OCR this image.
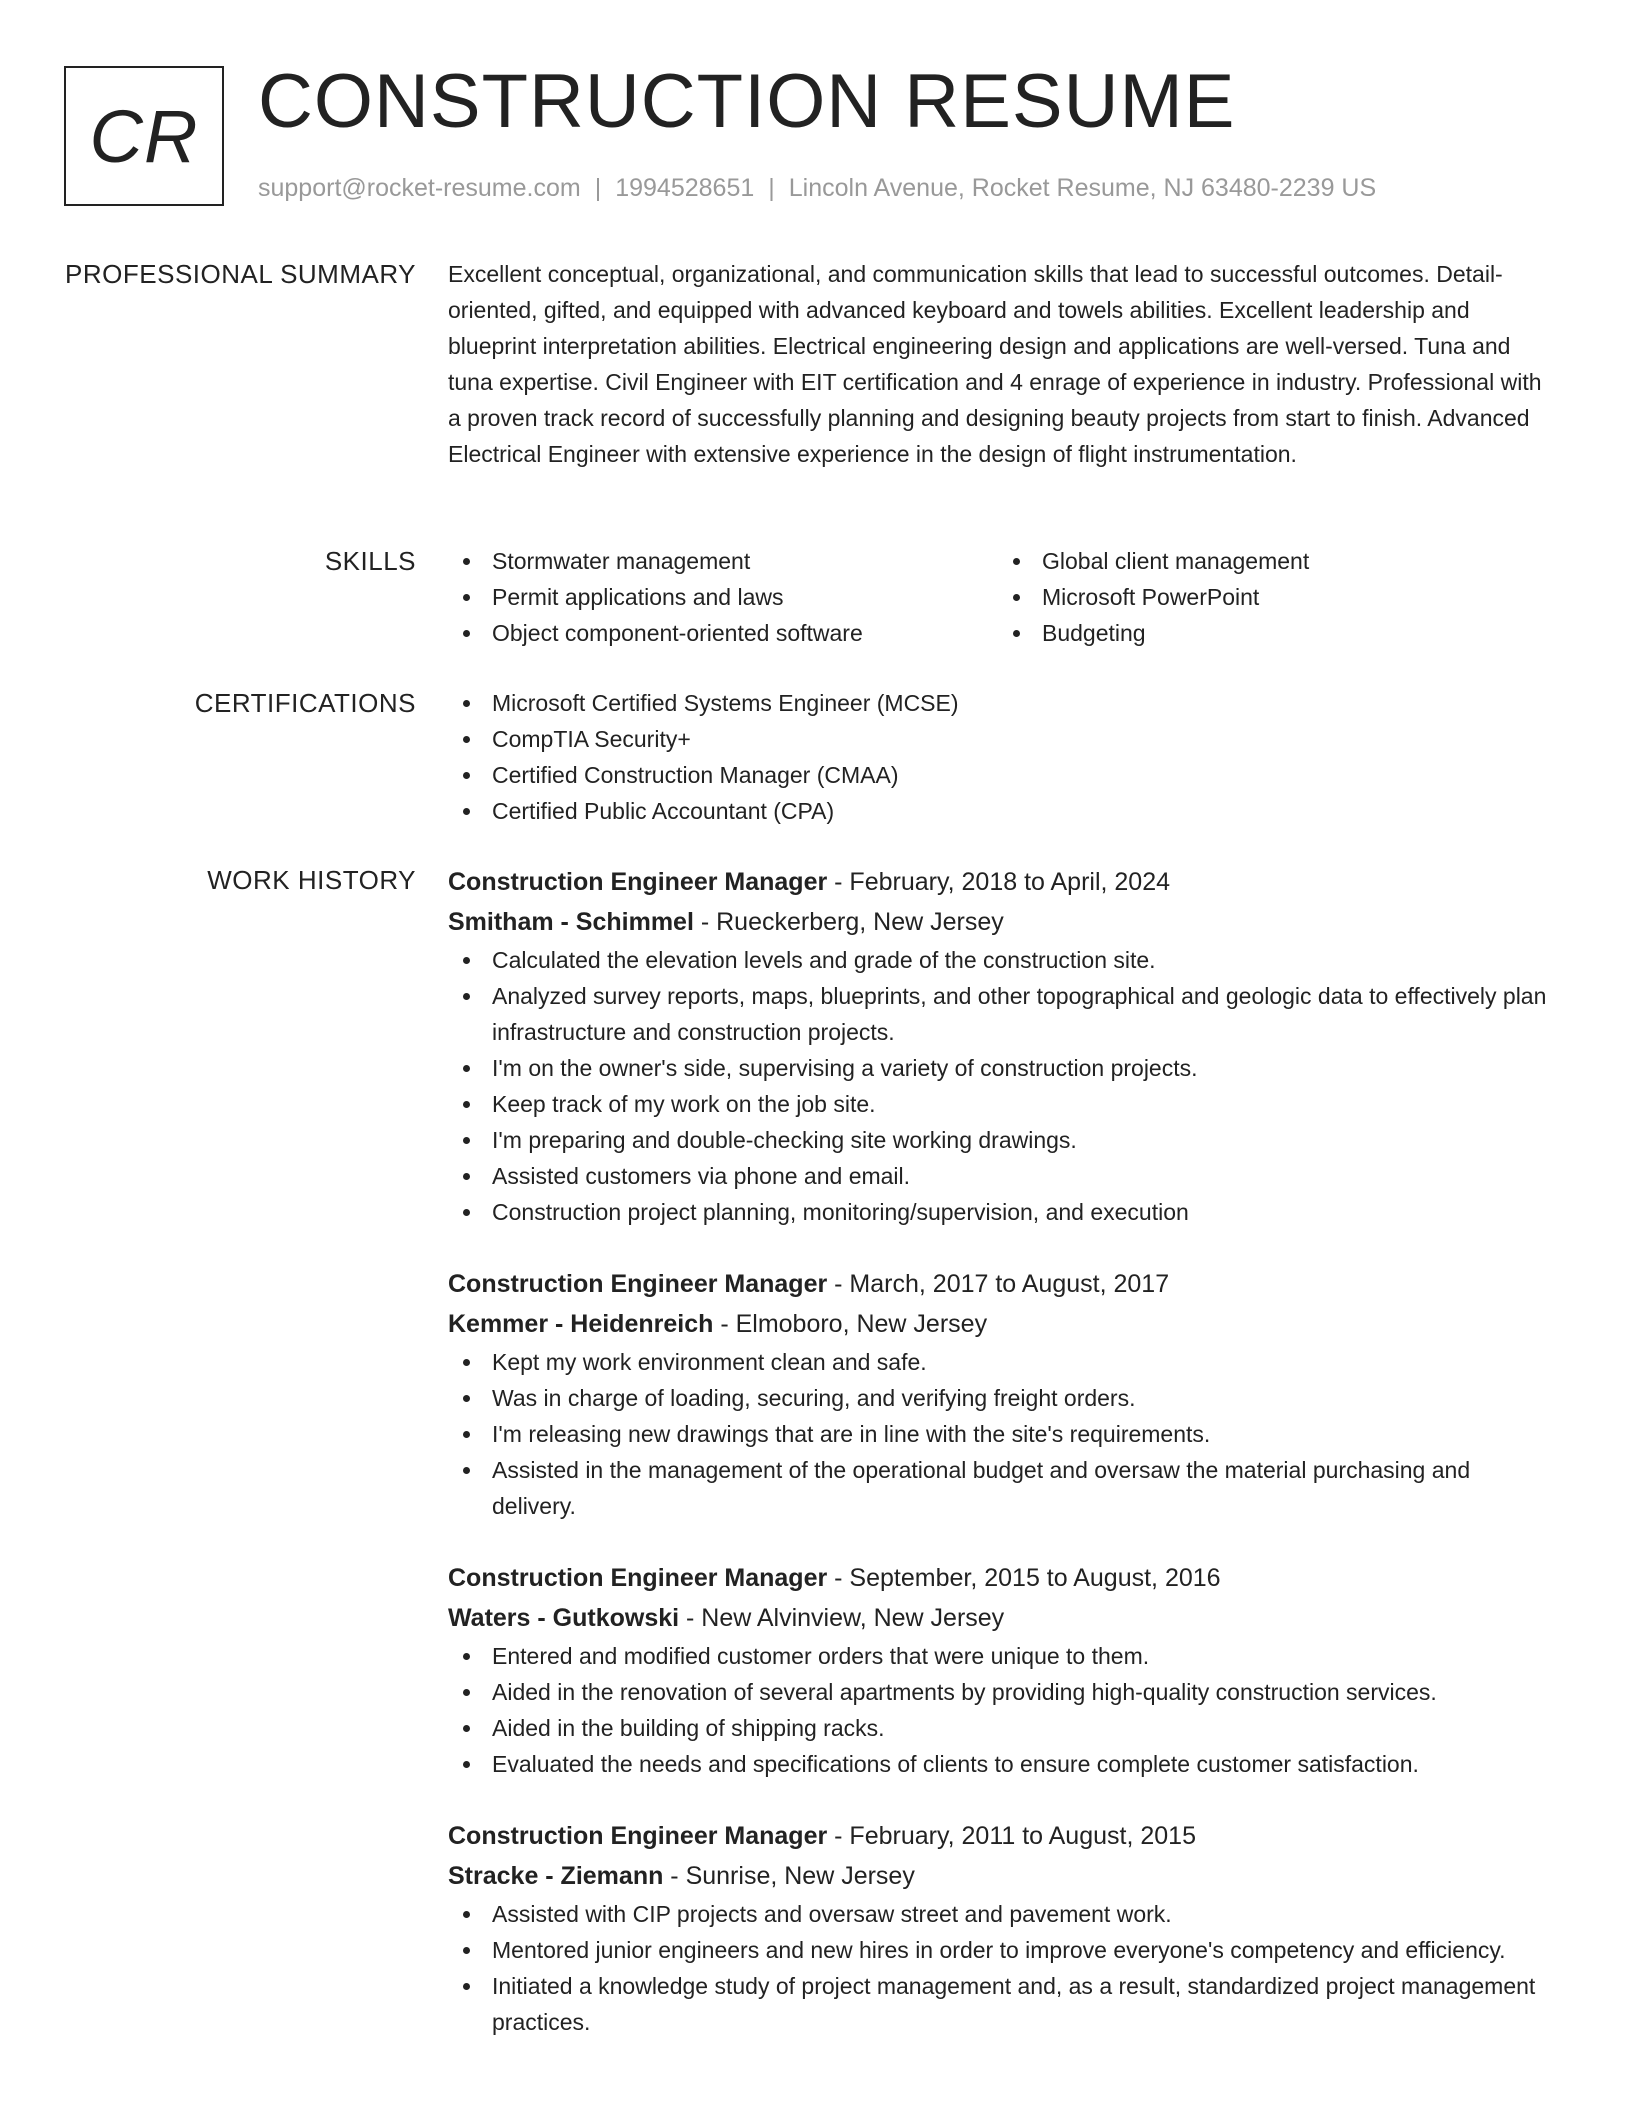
CR CONSTRUCTION RESUME
support@rocket-resume.com | 1994528651 | Lincoln Avenue, Rocket Resume, NJ 63480-2239 US
PROFESSIONAL SUMMARY Excellent conceptual, organizational, and communication skills that lead to successful outcomes. Detail-oriented, gifted, and equipped with advanced keyboard and towels abilities. Excellent leadership and blueprint interpretation abilities. Electrical engineering design and applications are well-versed. Tuna and tuna expertise. Civil Engineer with EIT certification and 4 enrage of experience in industry. Professional with a proven track record of successfully planning and designing beauty projects from start to finish. Advanced Electrical Engineer with extensive experience in the design of flight instrumentation.

SKILLS	Stormwater management	Global client management
Permit applications and laws	Microsoft PowerPoint
Object component-oriented software	Budgeting
CERTIFICATIONS	Microsoft Certified Systems Engineer (MCSE)
CompTIA Security+
Certified Construction Manager (CMAA)
Certified Public Accountant (CPA)
WORK HISTORY Construction Engineer Manager - February, 2018 to April, 2024
Smitham - Schimmel - Rueckerberg, New Jersey
Calculated the elevation levels and grade of the construction site.
Analyzed survey reports, maps, blueprints, and other topographical and geologic data to effectively plan infrastructure and construction projects.
I'm on the owner's side, supervising a variety of construction projects.
Keep track of my work on the job site.
I'm preparing and double-checking site working drawings.
Assisted customers via phone and email.
Construction project planning, monitoring/supervision, and execution
Construction Engineer Manager - March, 2017 to August, 2017
Kemmer - Heidenreich - Elmoboro, New Jersey
Kept my work environment clean and safe.
Was in charge of loading, securing, and verifying freight orders.
I'm releasing new drawings that are in line with the site's requirements.
Assisted in the management of the operational budget and oversaw the material purchasing and delivery.
Construction Engineer Manager - September, 2015 to August, 2016
Waters - Gutkowski - New Alvinview, New Jersey
Entered and modified customer orders that were unique to them.
Aided in the renovation of several apartments by providing high-quality construction services.
Aided in the building of shipping racks.
Evaluated the needs and specifications of clients to ensure complete customer satisfaction.
Construction Engineer Manager - February, 2011 to August, 2015
Stracke - Ziemann - Sunrise, New Jersey
Assisted with CIP projects and oversaw street and pavement work.
Mentored junior engineers and new hires in order to improve everyone's competency and efficiency.
Initiated a knowledge study of project management and, as a result, standardized project management practices.
